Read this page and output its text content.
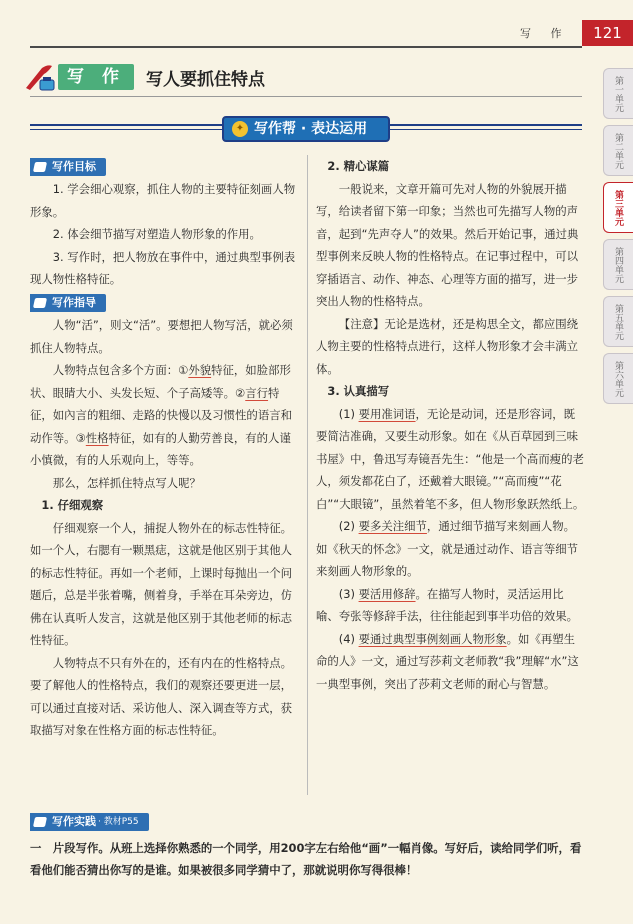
写 作	121
第一单元
第二单元
第三单元
第四单元
第五单元
第六单元
写 作	写人要抓住特点
✦ 写作帮 · 表达运用
写作目标
1. 学会细心观察，抓住人物的主要特征刻画人物形象。
2. 体会细节描写对塑造人物形象的作用。
3. 写作时，把人物放在事件中，通过典型事例表现人物性格特征。
写作指导
人物“活”，则文“活”。要想把人物写活，就必须抓住人物特点。
人物特点包含多个方面：①外貌特征，如脸部形状、眼睛大小、头发长短、个子高矮等。②言行特征，如內言的粗细、走路的快慢以及习惯性的语言和动作等。③性格特征，如有的人勤劳善良，有的人谨小慎微，有的人乐观向上，等等。
那么，怎样抓住特点写人呢？
1. 仔细观察
仔细观察一个人，捕捉人物外在的标志性特征。如一个人，右腮有一颗黑痣，这就是他区别于其他人的标志性特征。再如一个老师，上课时每抛出一个问题后，总是半张着嘴，侧着身，手举在耳朵旁边，仿佛在认真听人发言，这就是他区别于其他老师的标志性特征。
人物特点不只有外在的，还有内在的性格特点。要了解他人的性格特点，我们的观察还要更进一层，可以通过直接对话、采访他人、深入调查等方式，获取描写对象在性格方面的标志性特征。
2. 精心谋篇
一般说来，文章开篇可先对人物的外貌展开描写，给读者留下第一印象；当然也可先描写人物的声音，起到“先声夺人”的效果。然后开始记事，通过典型事例来反映人物的性格特点。在记事过程中，可以穿插语言、动作、神态、心理等方面的描写，进一步突出人物的性格特点。
【注意】无论是选材，还是构思全文，都应围绕人物主要的性格特点进行，这样人物形象才会丰满立体。
3. 认真描写
(1) 要用准词语，无论是动词，还是形容词，既要简洁准确，又要生动形象。如在《从百草园到三味书屋》中，鲁迅写寿镜吾先生：“他是一个高而瘦的老人，须发都花白了，还戴着大眼镜。”“高而瘦”“花白”“大眼镜”，虽然着笔不多，但人物形象跃然纸上。
(2) 要多关注细节，通过细节描写来刻画人物。如《秋天的怀念》一文，就是通过动作、语言等细节来刻画人物形象的。
(3) 要活用修辞。在描写人物时，灵活运用比喻、夸张等修辞手法，往往能起到事半功倍的效果。
(4) 要通过典型事例刻画人物形象。如《再塑生命的人》一文，通过写莎莉文老师教“我”理解“水”这一典型事例，突出了莎莉文老师的耐心与智慧。
写作实践 · 教材P55
一　片段写作。从班上选择你熟悉的一个同学，用200字左右给他“画”一幅肖像。写好后，读给同学们听，看看他们能否猜出你写的是谁。如果被很多同学猜中了，那就说明你写得很棒！
